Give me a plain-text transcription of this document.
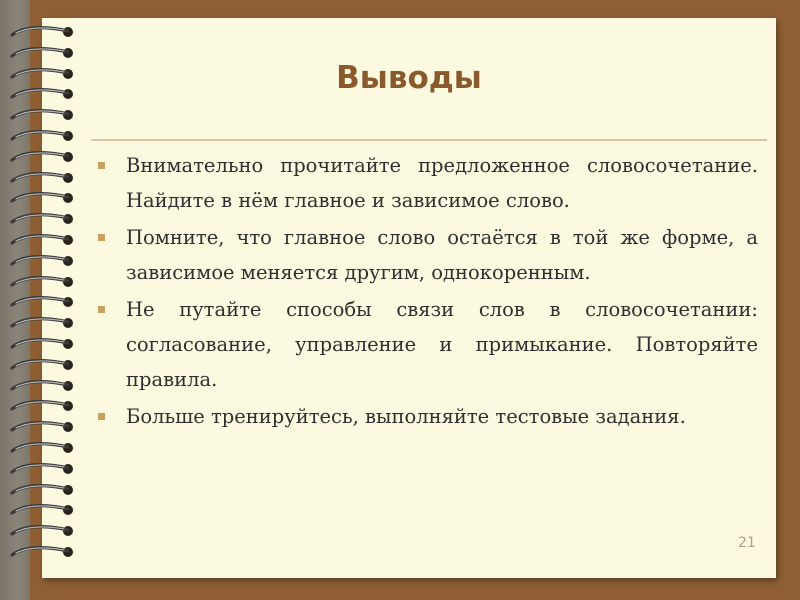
Выводы
Внимательно прочитайте предложенное словосочетание. Найдите в нём главное и зависимое слово.
Помните, что главное слово остаётся в той же форме, а зависимое меняется другим, однокоренным.
Не путайте способы связи слов в словосочетании: согласование, управление и примыкание. Повторяйте правила.
Больше тренируйтесь, выполняйте тестовые задания.
21
